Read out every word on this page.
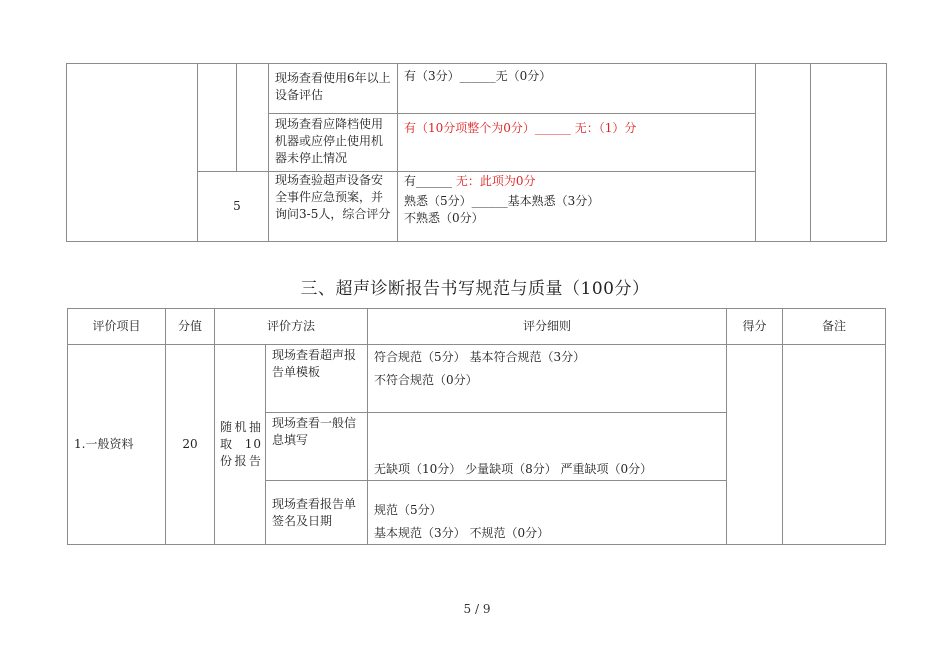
			现场查看使用6年以上设备评估	有（3分）______无（0分）		
			现场查看应降档使用机器或应停止使用机器未停止情况	有（10分项整个为0分）______ 无：（1）分		
	5		现场查验超声设备安全事件应急预案，并询问3-5人，综合评分	有______ 无：此项为0分
熟悉（5分）______基本熟悉（3分）
不熟悉（0分）		
三、超声诊断报告书写规范与质量（100分）
评价项目	分值	评价方法		评分细则	得分	备注
1.一般资料	20	随机抽取10份报告	现场查看超声报告单模板	符合规范（5分） 基本符合规范（3分）
不符合规范（0分）		

			现场查看一般信息填写	无缺项（10分） 少量缺项（8分） 严重缺项（0分）		
			现场查看报告单签名及日期	规范（5分）
基本规范（3分） 不规范（0分）		
5 / 9
